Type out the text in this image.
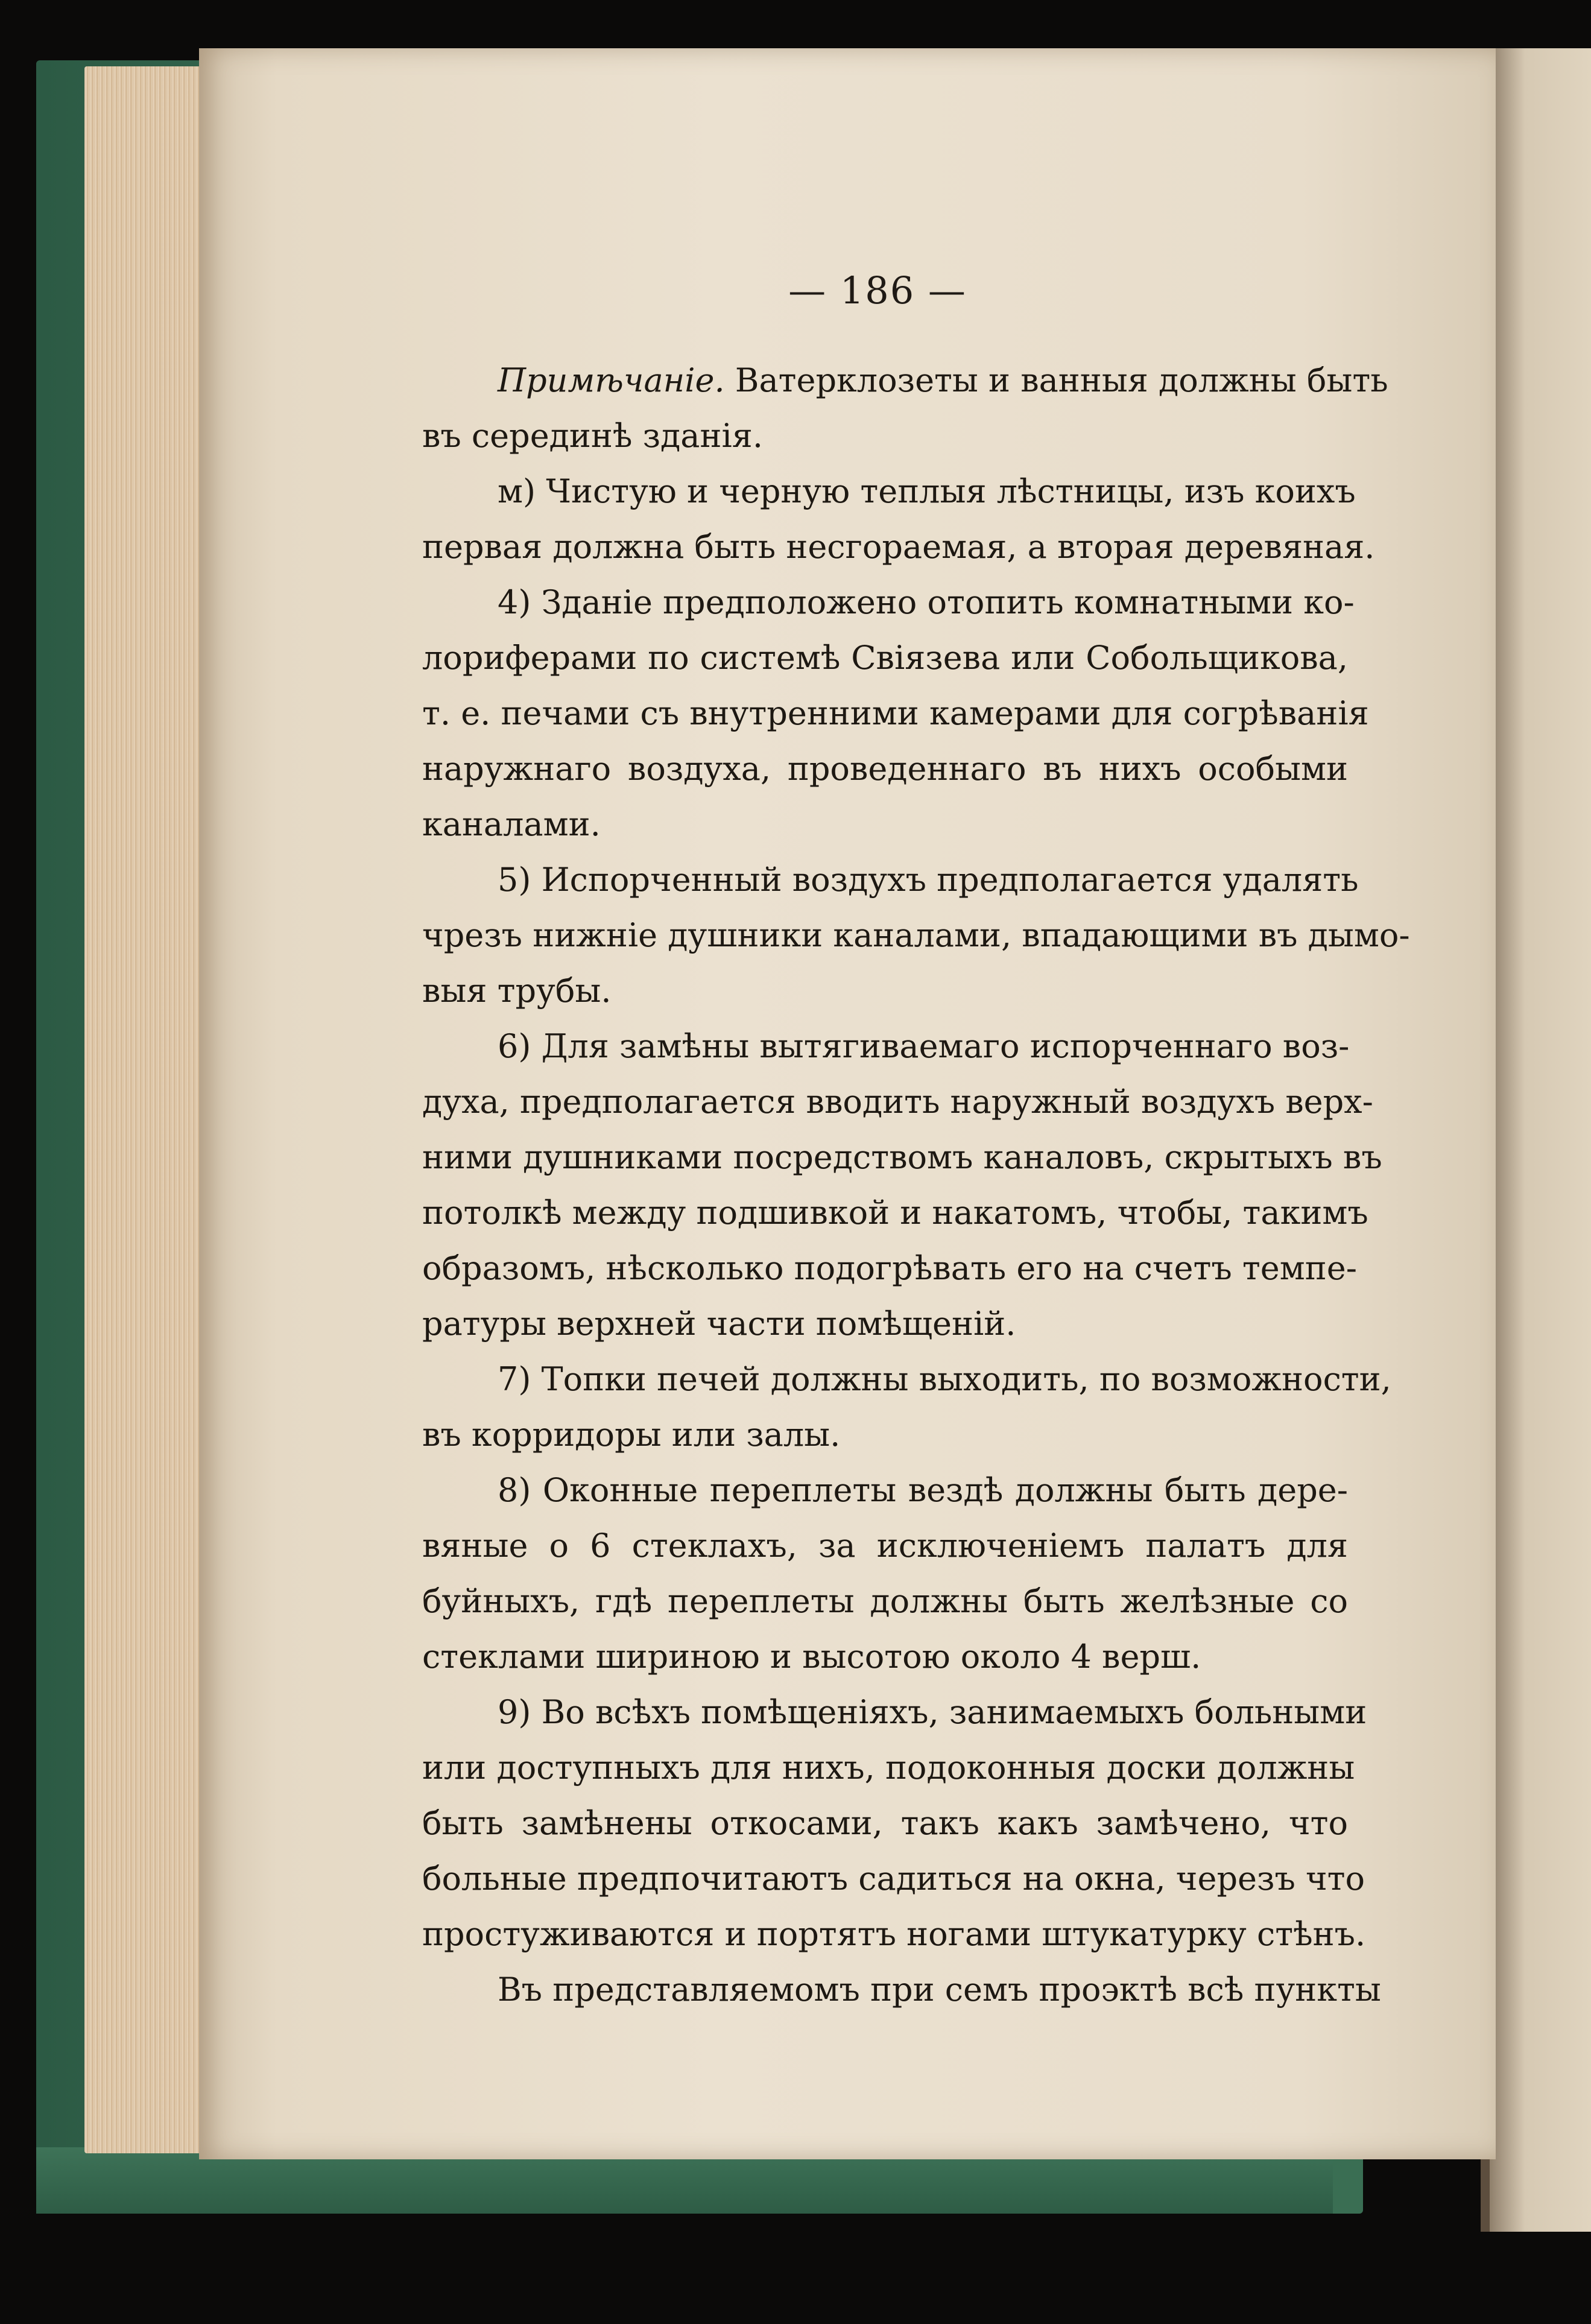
— 186 —
Примѣчаніе. Ватерклозеты и ванныя должны быть
въ серединѣ зданія.
м) Чистую и черную теплыя лѣстницы, изъ коихъ
первая должна быть несгораемая, а вторая деревяная.
4) Зданіе предположено отопить комнатными ко-
лориферами по системѣ Свіязева или Собольщикова,
т. е. печами съ внутренними камерами для согрѣванія
наружнаго воздуха, проведеннаго въ нихъ особыми
каналами.
5) Испорченный воздухъ предполагается удалять
чрезъ нижніе душники каналами, впадающими въ дымо-
выя трубы.
6) Для замѣны вытягиваемаго испорченнаго воз-
духа, предполагается вводить наружный воздухъ верх-
ними душниками посредствомъ каналовъ, скрытыхъ въ
потолкѣ между подшивкой и накатомъ, чтобы, такимъ
образомъ, нѣсколько подогрѣвать его на счетъ темпе-
ратуры верхней части помѣщеній.
7) Топки печей должны выходить, по возможности,
въ корридоры или залы.
8) Оконные переплеты вездѣ должны быть дере-
вяные о 6 стеклахъ, за исключеніемъ палатъ для
буйныхъ, гдѣ переплеты должны быть желѣзные со
стеклами шириною и высотою около 4 верш.
9) Во всѣхъ помѣщеніяхъ, занимаемыхъ больными
или доступныхъ для нихъ, подоконныя доски должны
быть замѣнены откосами, такъ какъ замѣчено, что
больные предпочитаютъ садиться на окна, черезъ что
простуживаются и портятъ ногами штукатурку стѣнъ.
Въ представляемомъ при семъ проэктѣ всѣ пункты
